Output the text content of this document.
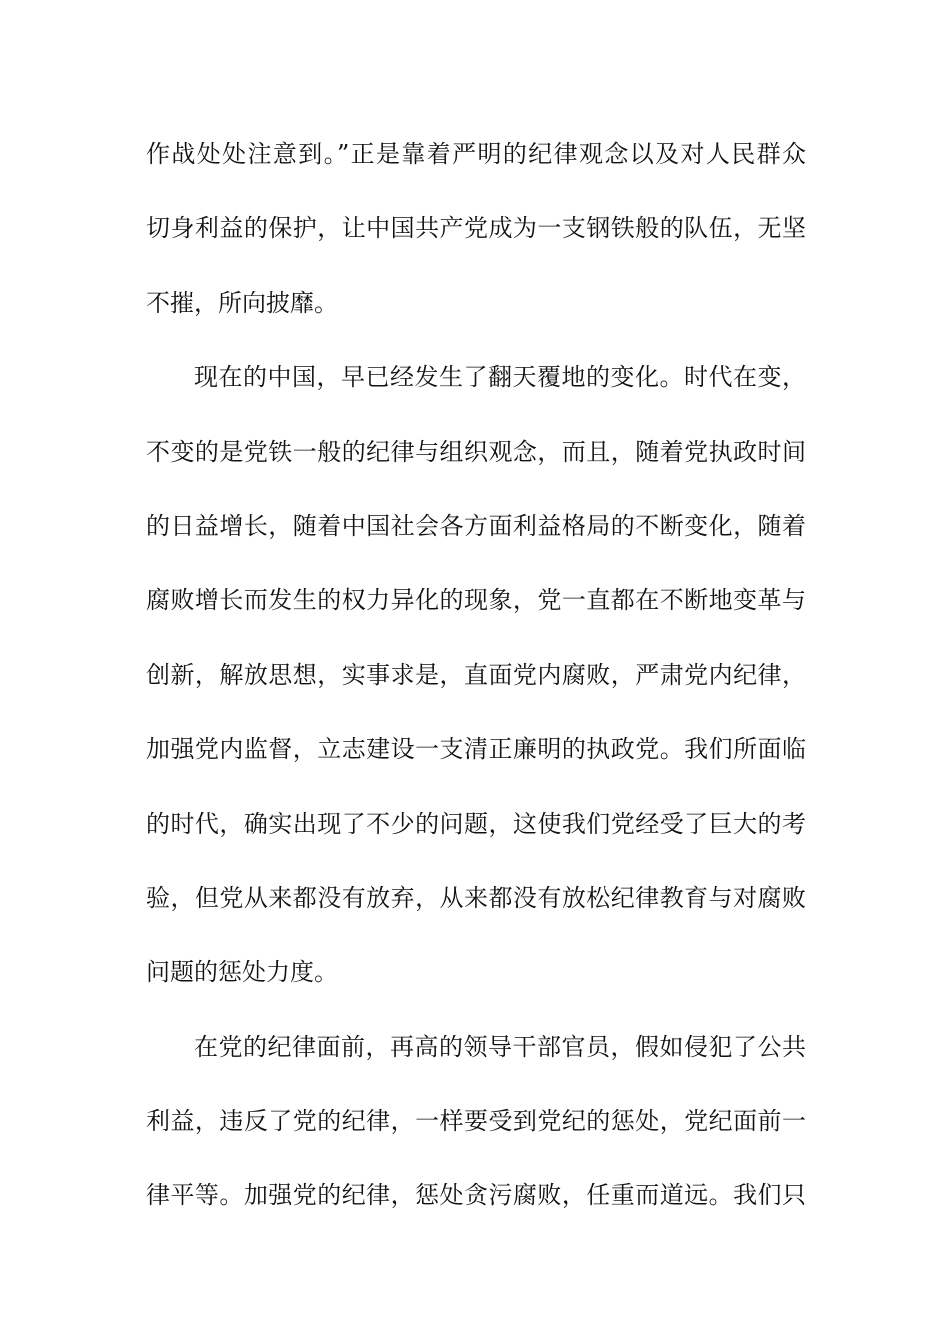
作战处处注意到。”正是靠着严明的纪律观念以及对人民群众
切身利益的保护，让中国共产党成为一支钢铁般的队伍，无坚
不摧，所向披靡。
现在的中国，早已经发生了翻天覆地的变化。时代在变，
不变的是党铁一般的纪律与组织观念，而且，随着党执政时间
的日益增长，随着中国社会各方面利益格局的不断变化，随着
腐败增长而发生的权力异化的现象，党一直都在不断地变革与
创新，解放思想，实事求是，直面党内腐败，严肃党内纪律，
加强党内监督，立志建设一支清正廉明的执政党。我们所面临
的时代，确实出现了不少的问题，这使我们党经受了巨大的考
验，但党从来都没有放弃，从来都没有放松纪律教育与对腐败
问题的惩处力度。
在党的纪律面前，再高的领导干部官员，假如侵犯了公共
利益，违反了党的纪律，一样要受到党纪的惩处，党纪面前一
律平等。加强党的纪律，惩处贪污腐败，任重而道远。我们只
